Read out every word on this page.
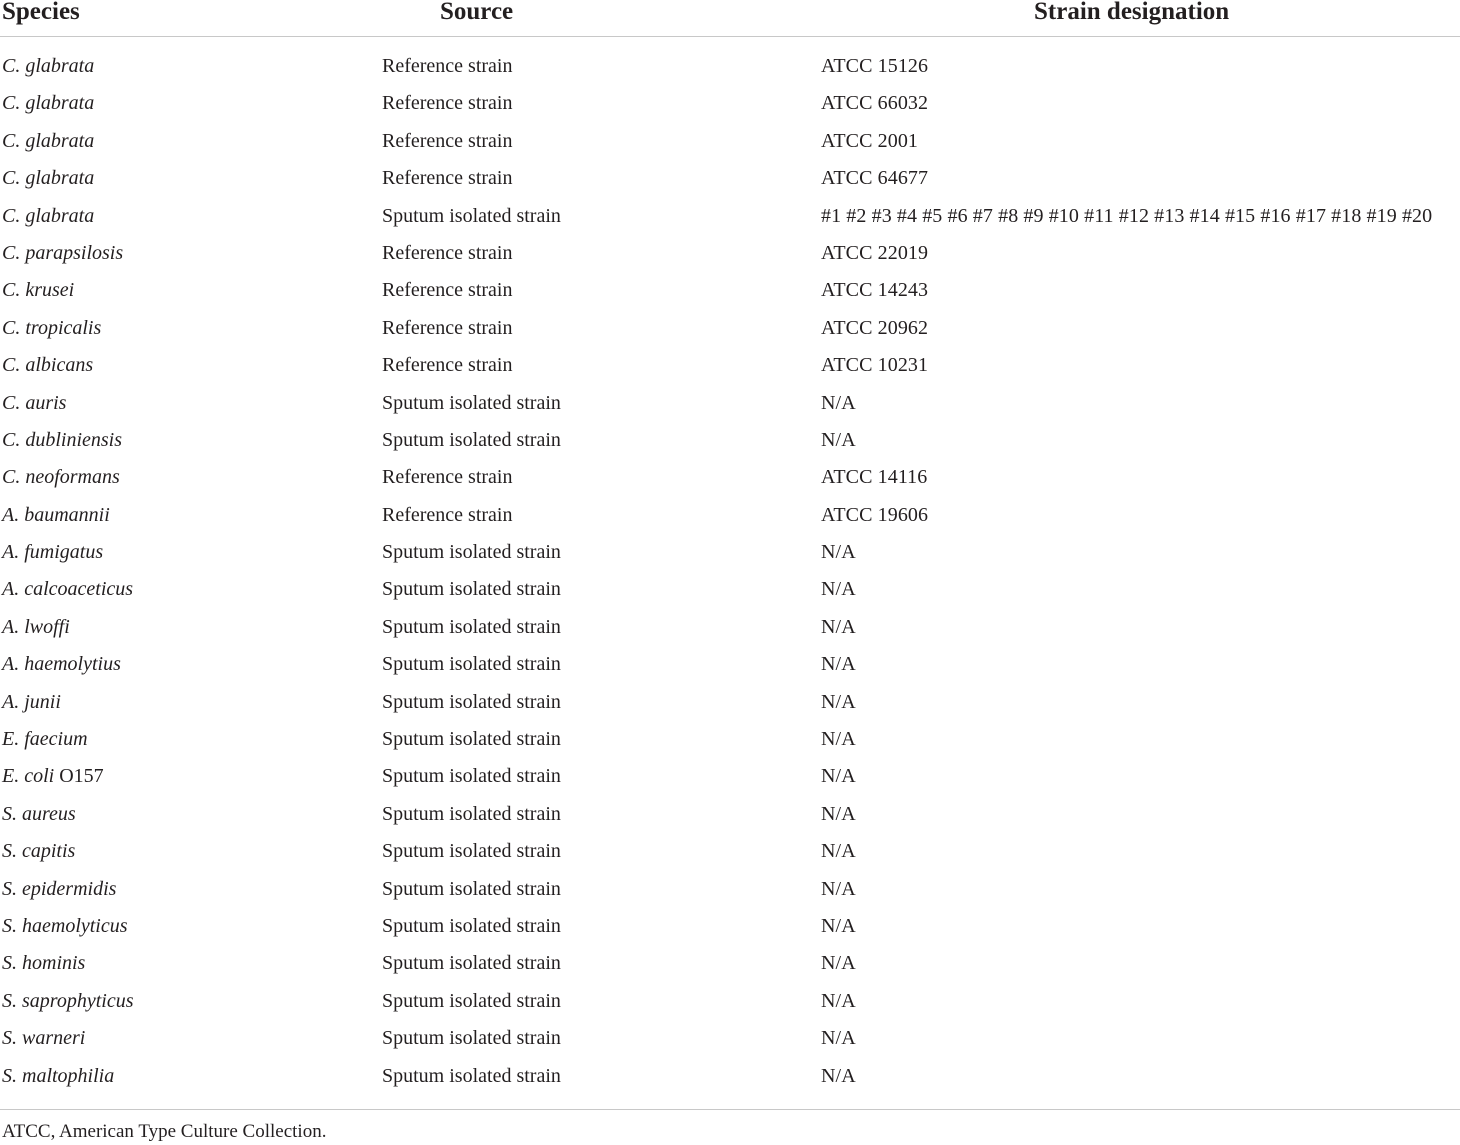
Species	Source	Strain designation
C. glabrata	Reference strain	ATCC 15126
C. glabrata	Reference strain	ATCC 66032
C. glabrata	Reference strain	ATCC 2001
C. glabrata	Reference strain	ATCC 64677
C. glabrata	Sputum isolated strain	#1 #2 #3 #4 #5 #6 #7 #8 #9 #10 #11 #12 #13 #14 #15 #16 #17 #18 #19 #20
C. parapsilosis	Reference strain	ATCC 22019
C. krusei	Reference strain	ATCC 14243
C. tropicalis	Reference strain	ATCC 20962
C. albicans	Reference strain	ATCC 10231
C. auris	Sputum isolated strain	N/A
C. dubliniensis	Sputum isolated strain	N/A
C. neoformans	Reference strain	ATCC 14116
A. baumannii	Reference strain	ATCC 19606
A. fumigatus	Sputum isolated strain	N/A
A. calcoaceticus	Sputum isolated strain	N/A
A. lwoffi	Sputum isolated strain	N/A
A. haemolytius	Sputum isolated strain	N/A
A. junii	Sputum isolated strain	N/A
E. faecium	Sputum isolated strain	N/A
E. coli O157	Sputum isolated strain	N/A
S. aureus	Sputum isolated strain	N/A
S. capitis	Sputum isolated strain	N/A
S. epidermidis	Sputum isolated strain	N/A
S. haemolyticus	Sputum isolated strain	N/A
S. hominis	Sputum isolated strain	N/A
S. saprophyticus	Sputum isolated strain	N/A
S. warneri	Sputum isolated strain	N/A
S. maltophilia	Sputum isolated strain	N/A
ATCC, American Type Culture Collection.
